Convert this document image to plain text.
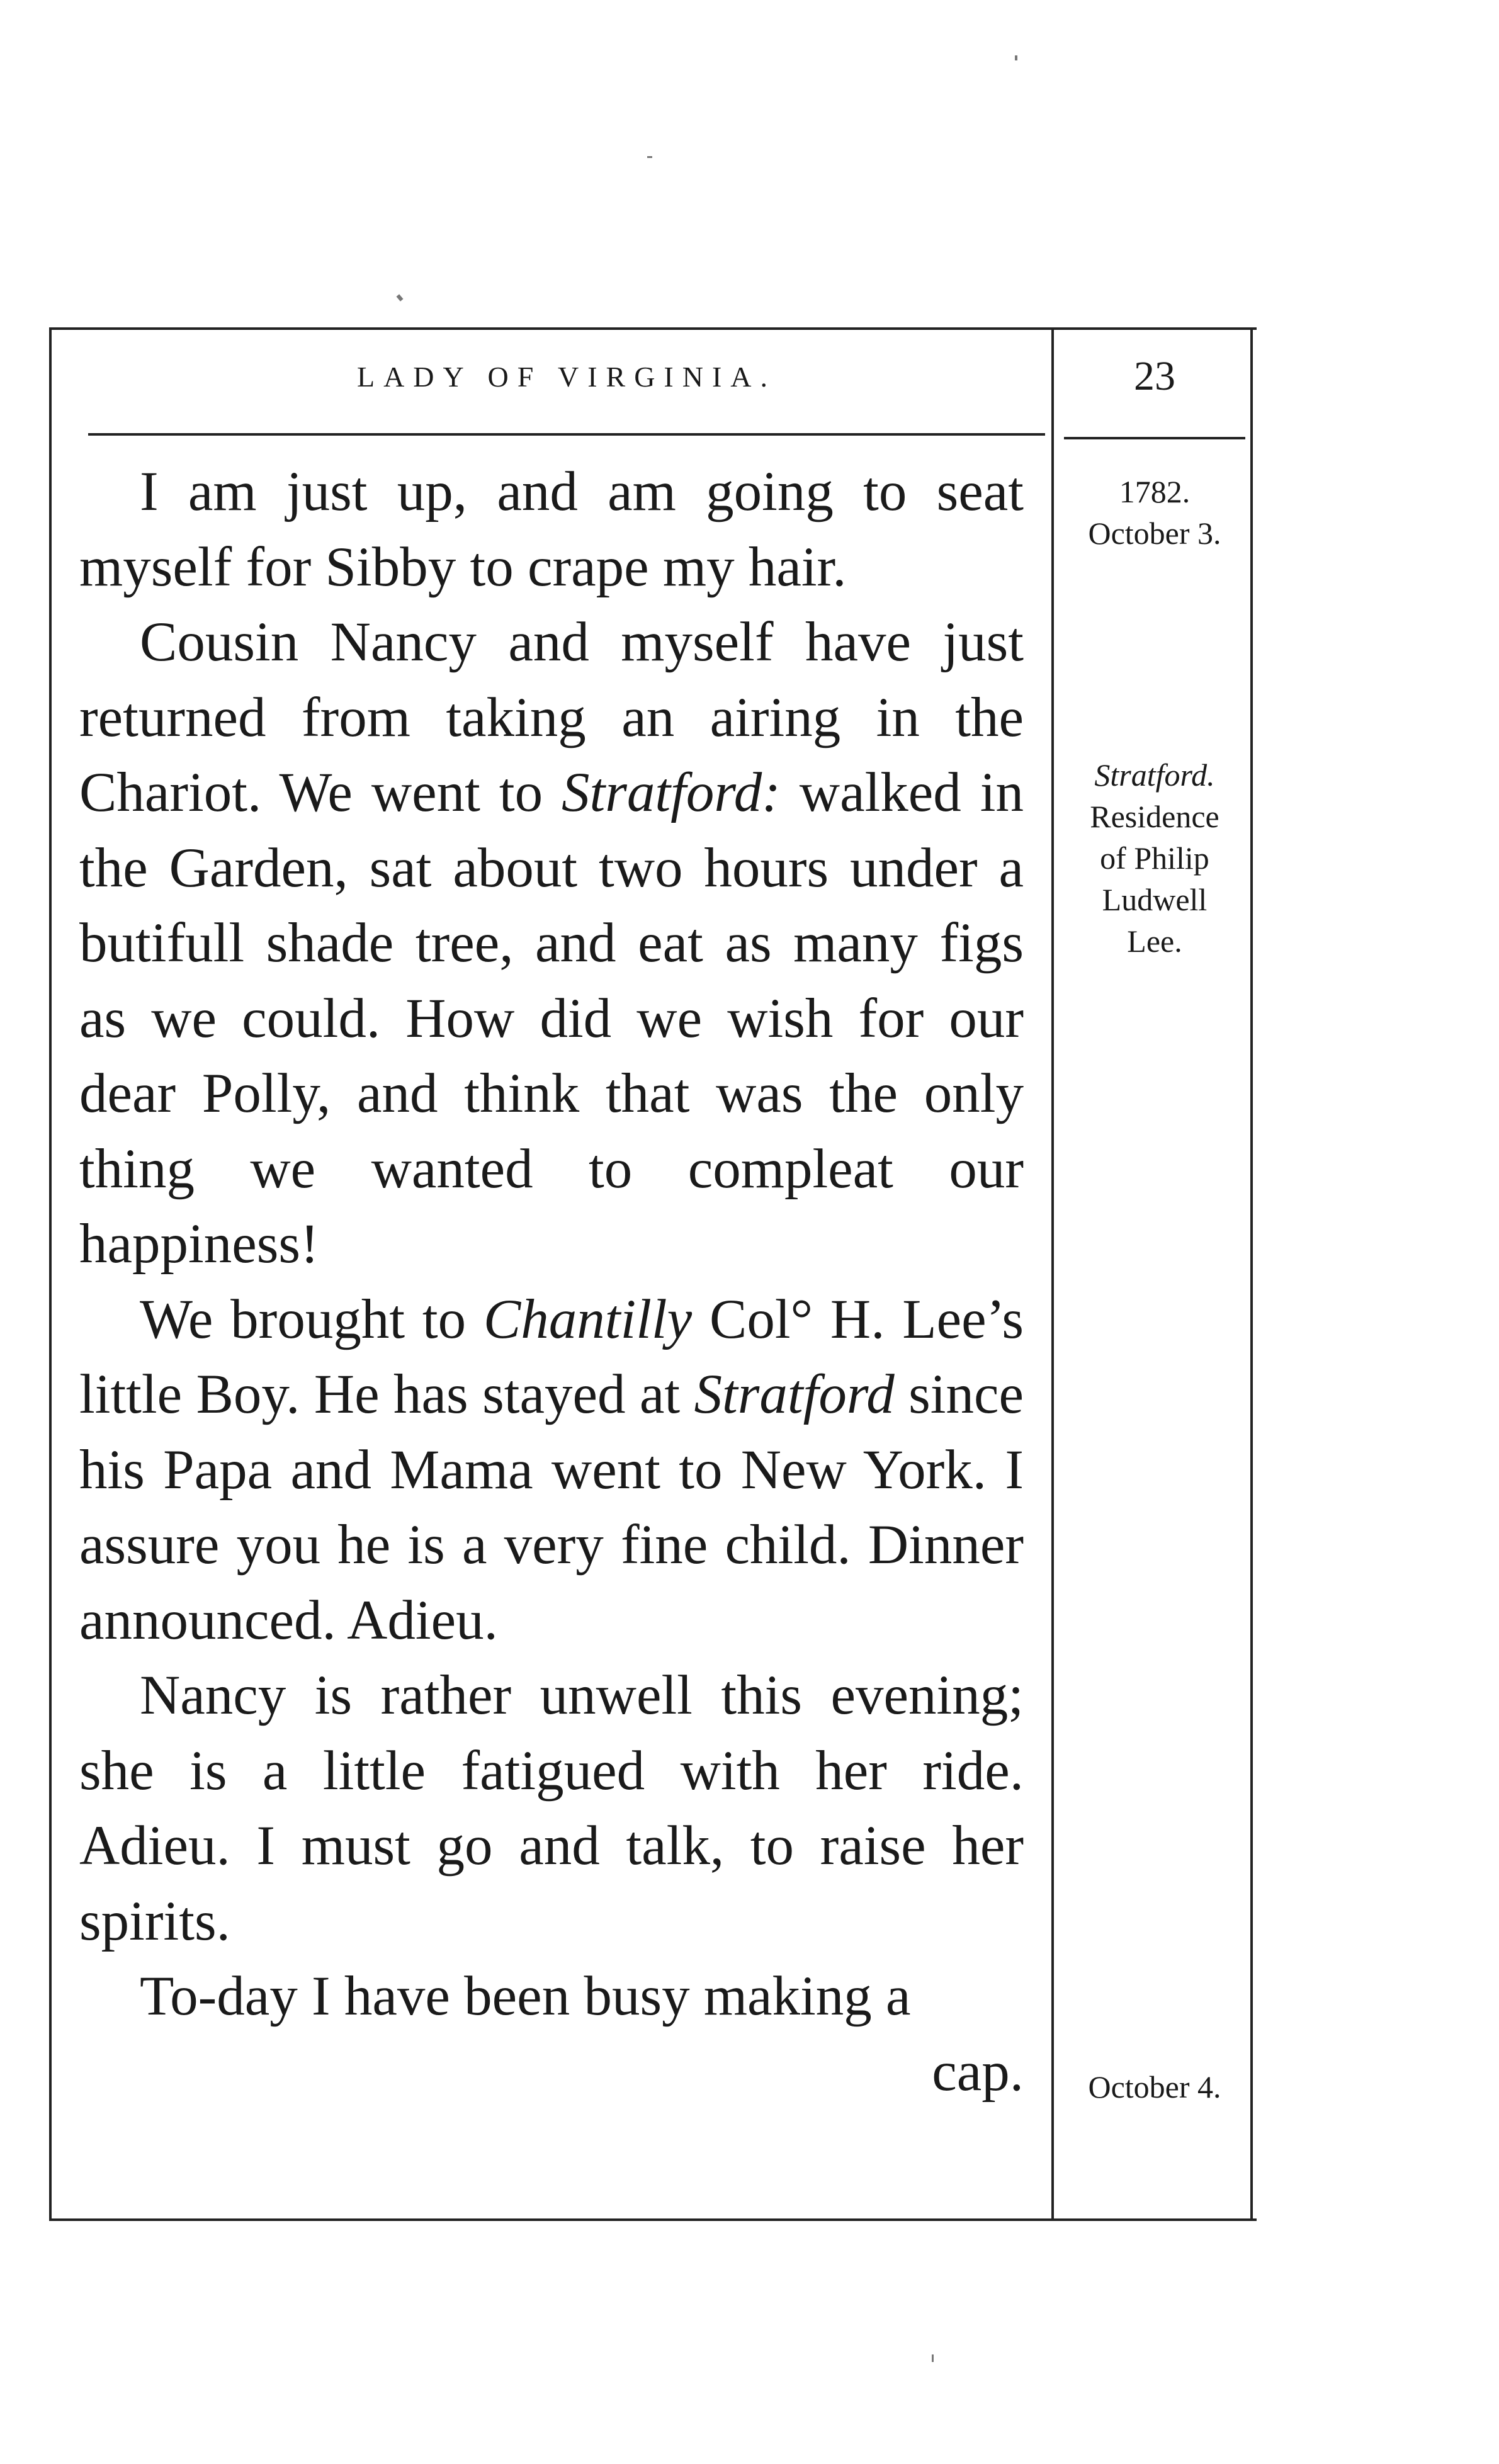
LADY OF VIRGINIA.	23

I am just up, and am going to seat myself for Sibby to crape my hair.

Cousin Nancy and myself have just returned from taking an airing in the Chariot. We went to Stratford: walked in the Garden, sat about two hours under a butifull shade tree, and eat as many figs as we could. How did we wish for our dear Polly, and think that was the only thing we wanted to compleat our happiness!

We brought to Chantilly Col° H. Lee’s little Boy. He has stayed at Stratford since his Papa and Mama went to New York. I assure you he is a very fine child. Dinner announced. Adieu.

Nancy is rather unwell this evening; she is a little fatigued with her ride. Adieu. I must go and talk, to raise her spirits.

To-day I have been busy making a

cap.

1782.
October 3.
Stratford.
Residence
of Philip
Ludwell
Lee.
October 4.
